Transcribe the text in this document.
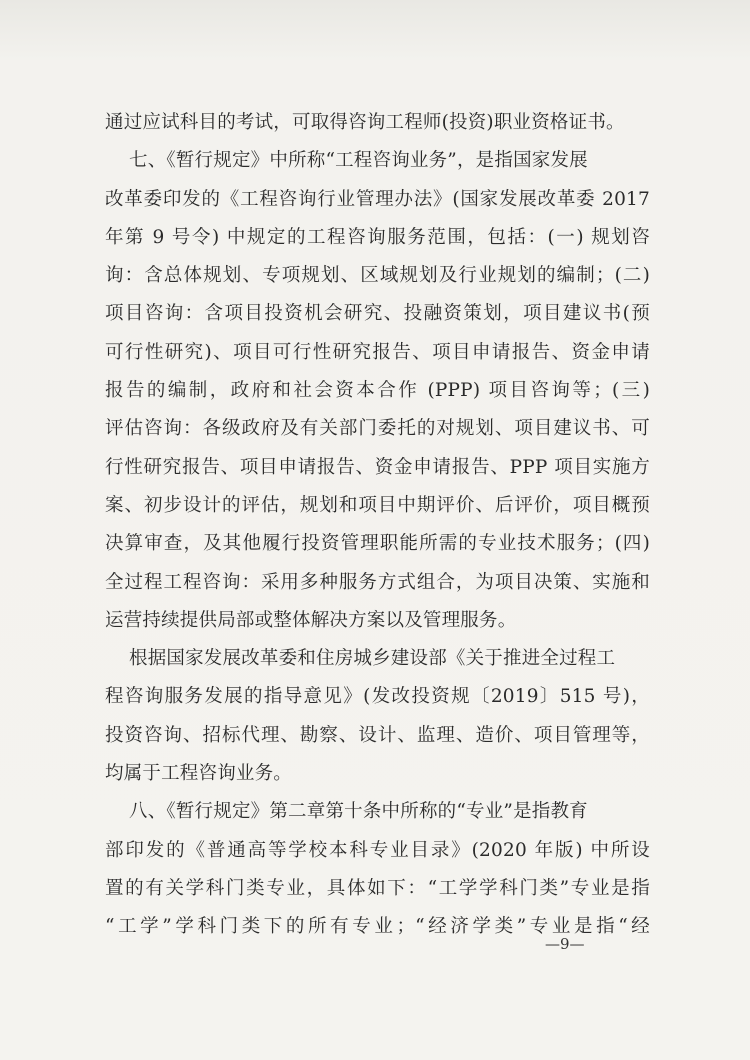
通过应试科目的考试，可取得咨询工程师(投资)职业资格证书。
七、《暂行规定》中所称“工程咨询业务”，是指国家发展
改革委印发的《工程咨询行业管理办法》(国家发展改革委 2017
年第 9 号令) 中规定的工程咨询服务范围，包括：(一) 规划咨
询：含总体规划、专项规划、区域规划及行业规划的编制；(二)
项目咨询：含项目投资机会研究、投融资策划，项目建议书(预
可行性研究)、项目可行性研究报告、项目申请报告、资金申请
报告的编制，政府和社会资本合作 (PPP) 项目咨询等；(三)
评估咨询：各级政府及有关部门委托的对规划、项目建议书、可
行性研究报告、项目申请报告、资金申请报告、PPP 项目实施方
案、初步设计的评估，规划和项目中期评价、后评价，项目概预
决算审查，及其他履行投资管理职能所需的专业技术服务；(四)
全过程工程咨询：采用多种服务方式组合，为项目决策、实施和
运营持续提供局部或整体解决方案以及管理服务。
根据国家发展改革委和住房城乡建设部《关于推进全过程工
程咨询服务发展的指导意见》(发改投资规〔2019〕515 号)，
投资咨询、招标代理、勘察、设计、监理、造价、项目管理等，
均属于工程咨询业务。
八、《暂行规定》第二章第十条中所称的“专业”是指教育
部印发的《普通高等学校本科专业目录》(2020 年版) 中所设
置的有关学科门类专业，具体如下：“工学学科门类”专业是指
“工学”学科门类下的所有专业；“经济学类”专业是指“经
—9—
